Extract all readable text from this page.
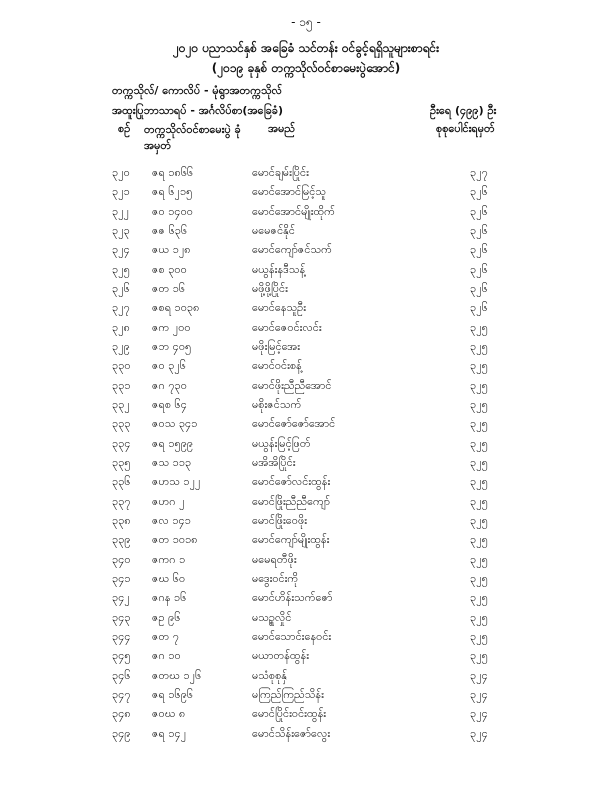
- ၁၅ -
၂၀၂၀ ပညာသင်နှစ် အခြေခံ သင်တန်း ဝင်ခွင့်ရရှိသူများစာရင်း
(၂၀၁၉ ခုနှစ် တက္ကသိုလ်ဝင်စာမေးပွဲအောင်)
တက္ကသိုလ်/ ကောလိပ် - မုံရွာအတက္ကသိုလ်
အထူးပြုဘာသာရပ် - အင်္ဂလိပ်စာ(အခြေခံ)	ဦးရေ (၄၉၉) ဦး
စဉ် တက္ကသိုလ်ဝင်စာမေးပွဲ ခုံအမှတ်
အမည်	စုစုပေါင်းရမှတ်
၃၂၀ ဇရ ၁၈၆၆	မောင်ချမ်းပြိုင်း	၃၂၇
၃၂၁ ဇရ ၆၂၁၅	မောင်အောင်မြင့်သူ	၃၂၆
၃၂၂ ဇဝ ၁၄၀၀	မောင်အောင်မျိုးထိုက်	၃၂၆
၃၂၃ ဇဇ ၆၃၆	မမေဇင်နိုင်	၃၂၆
၃၂၄ ဇယ ၁၂၈	မောင်ကျော်ဇင်သက်	၃၂၆
၃၂၅ ဇစ ၃၀၀	မယွန်းနဒီသန့်	၃၂၆
၃၂၆ ဇတ ၁၆	မဖို့ဖို့ပြိုင်း	၃၂၆
၃၂၇ ဇစရ ၁၀၃၈	မောင်နေသူဦး	၃၂၆
၃၂၈ ဇက ၂၀၀	မောင်ဇေဝင်းလင်း	၃၂၅
၃၂၉ ဇဘ ၄၀၅	မဖိုးမြင့်အေး	၃၂၅
၃၃၀ ဇဝ ၃၂၆	မောင်ဝင်းစန့်	၃၂၅
၃၃၁ ဇဂ ၇၃၀	မောင်ဖိုးညီညီအောင်	၃၂၅
၃၃၂ ဇရစ ၆၄	မစိုးဇင်သက်	၃၂၅
၃၃၃ ဇဝသ ၃၄၁	မောင်ဇော်ဇော်အောင်	၃၂၅
၃၃၄ ဇရ ၁၅၉၉	မယွန်းမြင့်ဖြတ်	၃၂၅
၃၃၅ ဇသ ၁၁၃	မအိအိပြိုင်း	၃၂၅
၃၃၆ ဇဟသ ၁၂၂	မောင်ဇော်လင်းထွန်း	၃၂၅
၃၃၇ ဇဟဂ ၂	မောင်ဖြိုးညီညီကျော်	၃၂၅
၃၃၈ ဇလ ၁၄၁	မောင်ဖြိုးဝေဖိုး	၃၂၅
၃၃၉ ဇတ ၁၀၁၈	မောင်ကျော်မျိုးထွန်း	၃၂၅
၃၄၀ ဇကဂ ၁	မမေရတီဖိုး	၃၂၅
၃၄၁ ဇဃ ၆၀	မဒွေးဝင်းကို	၃၂၅
၃၄၂ ဇဂန ၁၆	မောင်ဟိန်းသက်ဇော်	၃၂၅
၃၄၃ ဇဥ ၉၆	မသဥ္စလှိုင်	၃၂၅
၃၄၄ ဇတ ၇	မောင်သောင်းနေဝင်း	၃၂၅
၃၄၅ ဇဂ ၁၀	မယာတန်ထွန်း	၃၂၅
၃၄၆ ဇတဃ ၁၂၆	မသံစုစုနှ်	၃၂၄
၃၄၇ ဇရ ၁၆၉၆	မကြည်ကြည်သိန်း	၃၂၄
၃၄၈ ဇဝဃ ၈	မောင်ပြိုင်းဝင်းထွန်း	၃၂၄
၃၄၉ ဇရ ၁၄၂	မောင်သိန်းဇော်လွေး	၃၂၄
